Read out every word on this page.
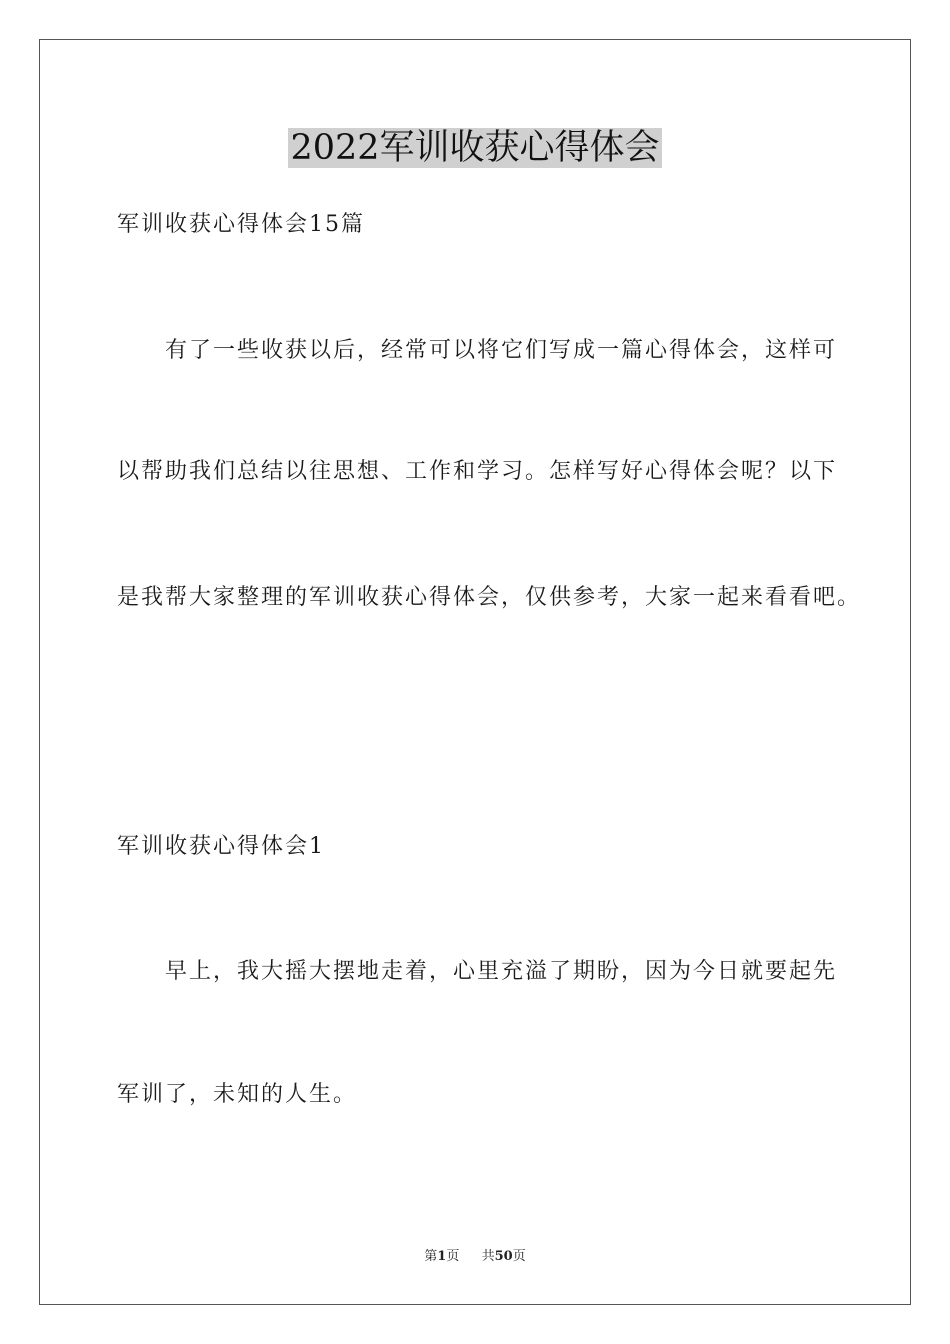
2022军训收获心得体会

军训收获心得体会15篇

有了一些收获以后，经常可以将它们写成一篇心得体会，这样可

以帮助我们总结以往思想、工作和学习。怎样写好心得体会呢？以下

是我帮大家整理的军训收获心得体会，仅供参考，大家一起来看看吧。

军训收获心得体会1

早上，我大摇大摆地走着，心里充溢了期盼，因为今日就要起先

军训了，未知的人生。

第1页 共50页
